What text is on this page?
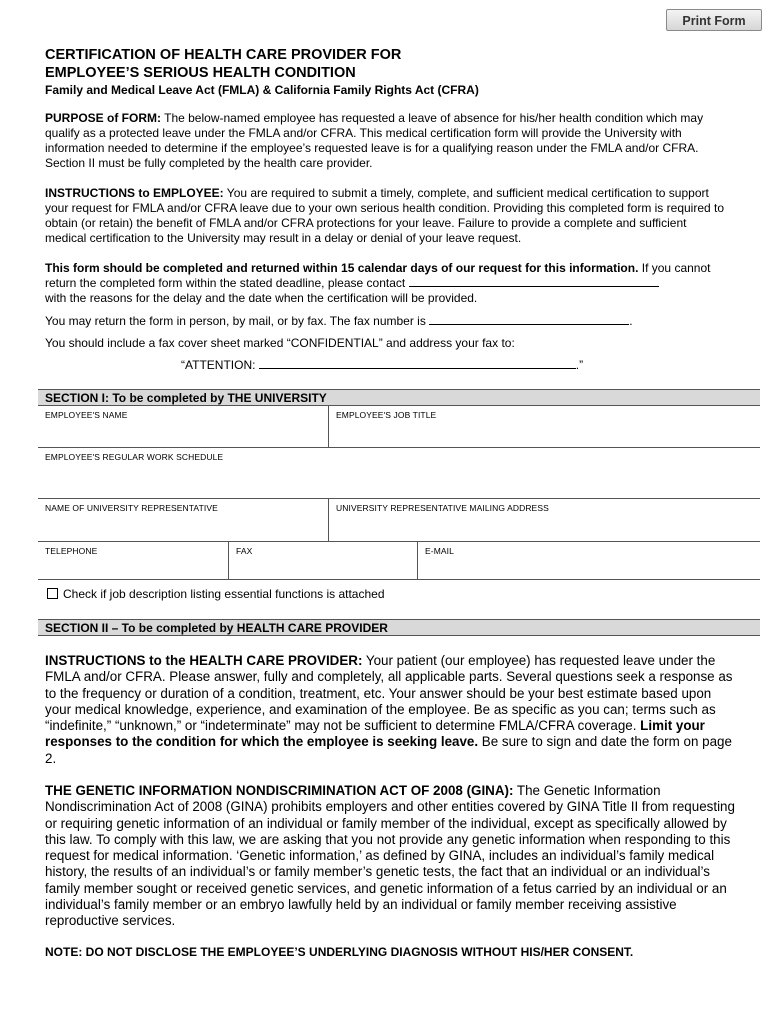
Print Form
CERTIFICATION OF HEALTH CARE PROVIDER FOR
EMPLOYEE’S SERIOUS HEALTH CONDITION
Family and Medical Leave Act (FMLA) & California Family Rights Act (CFRA)
PURPOSE of FORM: The below-named employee has requested a leave of absence for his/her health condition which may qualify as a protected leave under the FMLA and/or CFRA. This medical certification form will provide the University with information needed to determine if the employee’s requested leave is for a qualifying reason under the FMLA and/or CFRA. Section II must be fully completed by the health care provider.
INSTRUCTIONS to EMPLOYEE: You are required to submit a timely, complete, and sufficient medical certification to support your request for FMLA and/or CFRA leave due to your own serious health condition. Providing this completed form is required to obtain (or retain) the benefit of FMLA and/or CFRA protections for your leave. Failure to provide a complete and sufficient medical certification to the University may result in a delay or denial of your leave request.
This form should be completed and returned within 15 calendar days of our request for this information. If you cannot return the completed form within the stated deadline, please contact
with the reasons for the delay and the date when the certification will be provided.
You may return the form in person, by mail, or by fax. The fax number is	.
You should include a fax cover sheet marked “CONFIDENTIAL” and address your fax to:
“ATTENTION:	.”
SECTION I: To be completed by THE UNIVERSITY
EMPLOYEE'S NAME	EMPLOYEE'S JOB TITLE
EMPLOYEE'S REGULAR WORK SCHEDULE
NAME OF UNIVERSITY REPRESENTATIVE	UNIVERSITY REPRESENTATIVE MAILING ADDRESS
TELEPHONE	FAX	E-MAIL
Check if job description listing essential functions is attached
SECTION II – To be completed by HEALTH CARE PROVIDER
INSTRUCTIONS to the HEALTH CARE PROVIDER: Your patient (our employee) has requested leave under the FMLA and/or CFRA. Please answer, fully and completely, all applicable parts. Several questions seek a response as to the frequency or duration of a condition, treatment, etc. Your answer should be your best estimate based upon your medical knowledge, experience, and examination of the employee. Be as specific as you can; terms such as “indefinite,” “unknown,” or “indeterminate” may not be sufficient to determine FMLA/CFRA coverage. Limit your responses to the condition for which the employee is seeking leave. Be sure to sign and date the form on page 2.
THE GENETIC INFORMATION NONDISCRIMINATION ACT OF 2008 (GINA): The Genetic Information Nondiscrimination Act of 2008 (GINA) prohibits employers and other entities covered by GINA Title II from requesting or requiring genetic information of an individual or family member of the individual, except as specifically allowed by this law. To comply with this law, we are asking that you not provide any genetic information when responding to this request for medical information. ‘Genetic information,’ as defined by GINA, includes an individual’s family medical history, the results of an individual’s or family member’s genetic tests, the fact that an individual or an individual’s family member sought or received genetic services, and genetic information of a fetus carried by an individual or an individual’s family member or an embryo lawfully held by an individual or family member receiving assistive reproductive services.
NOTE: DO NOT DISCLOSE THE EMPLOYEE’S UNDERLYING DIAGNOSIS WITHOUT HIS/HER CONSENT.
